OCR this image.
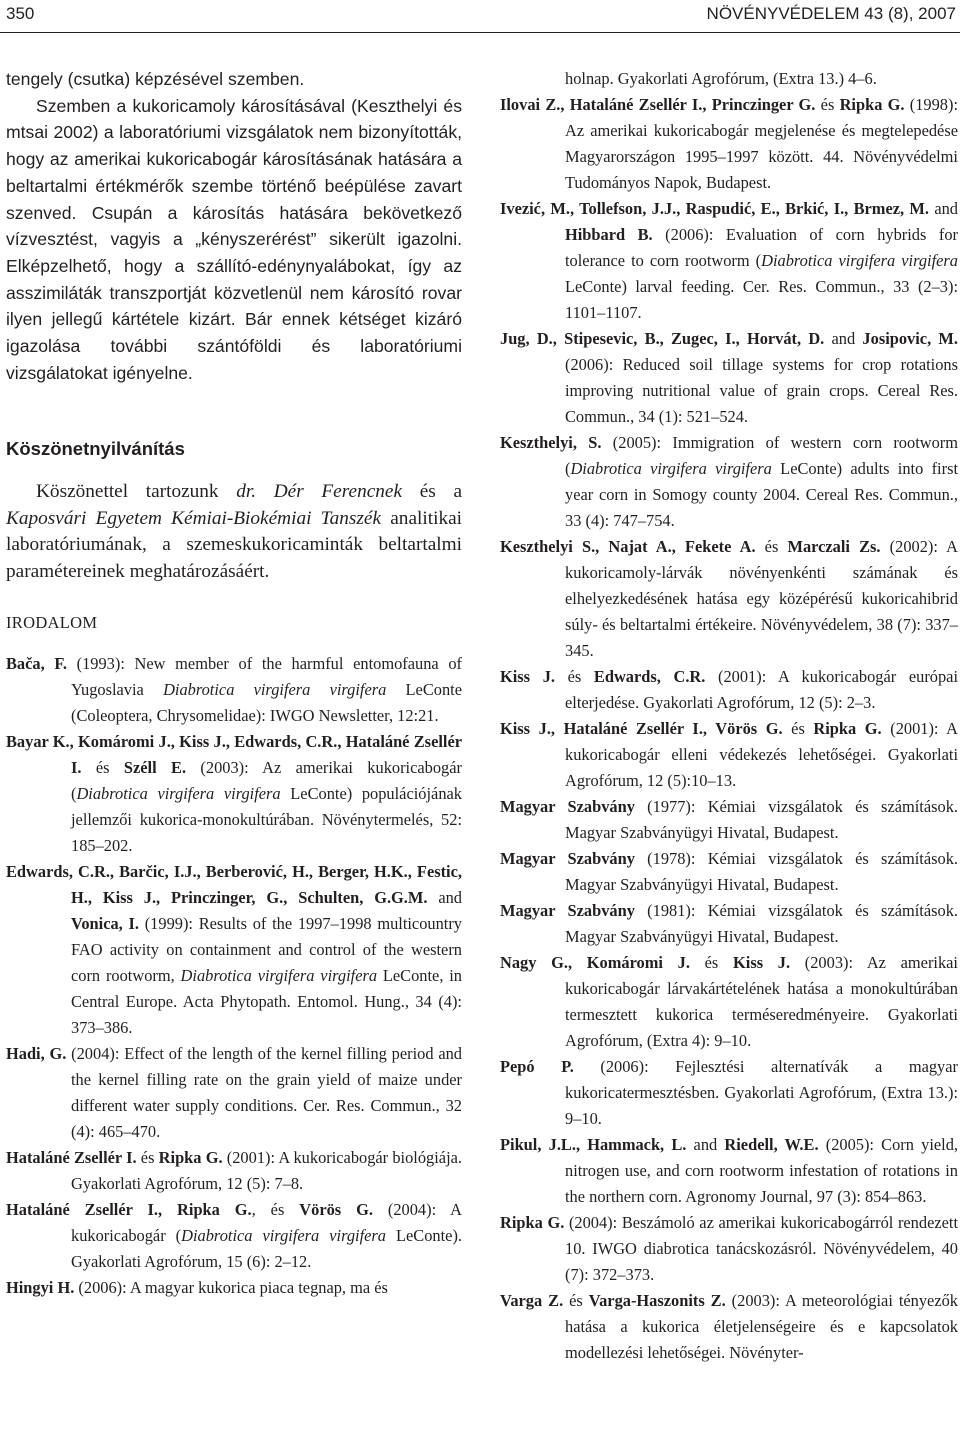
350	NÖVÉNYVÉDELEM 43 (8), 2007

tengely (csutka) képzésével szemben.

Szemben a kukoricamoly károsításával (Keszthelyi és mtsai 2002) a laboratóriumi vizsgálatok nem bizonyították, hogy az amerikai kukoricabogár károsításának hatására a beltartalmi értékmérők szembe történő beépülése zavart szenved. Csupán a károsítás hatására bekövetkező vízvesztést, vagyis a „kényszerérést” sikerült igazolni. Elképzelhető, hogy a szállító-edénynyalábokat, így az asszimiláták transzportját közvetlenül nem károsító rovar ilyen jellegű kártétele kizárt. Bár ennek kétséget kizáró igazolása további szántóföldi és laboratóriumi vizsgálatokat igényelne.

Köszönetnyilvánítás

Köszönettel tartozunk dr. Dér Ferencnek és a Kaposvári Egyetem Kémiai-Biokémiai Tanszék analitikai laboratóriumának, a szemeskukoricaminták beltartalmi paramétereinek meghatározásáért.

IRODALOM

Bača, F. (1993): New member of the harmful entomofauna of Yugoslavia Diabrotica virgifera virgifera LeConte (Coleoptera, Chrysomelidae): IWGO Newsletter, 12:21.

Bayar K., Komáromi J., Kiss J., Edwards, C.R., Hataláné Zsellér I. és Széll E. (2003): Az amerikai kukoricabogár (Diabrotica virgifera virgifera LeConte) populációjának jellemzői kukorica-monokultúrában. Növénytermelés, 52: 185–202.

Edwards, C.R., Barčic, I.J., Berberović, H., Berger, H.K., Festic, H., Kiss J., Princzinger, G., Schulten, G.G.M. and Vonica, I. (1999): Results of the 1997–1998 multicountry FAO activity on containment and control of the western corn rootworm, Diabrotica virgifera virgifera LeConte, in Central Europe. Acta Phytopath. Entomol. Hung., 34 (4): 373–386.

Hadi, G. (2004): Effect of the length of the kernel filling period and the kernel filling rate on the grain yield of maize under different water supply conditions. Cer. Res. Commun., 32 (4): 465–470.

Hataláné Zsellér I. és Ripka G. (2001): A kukoricabogár biológiája. Gyakorlati Agrofórum, 12 (5): 7–8.

Hataláné Zsellér I., Ripka G., és Vörös G. (2004): A kukoricabogár (Diabrotica virgifera virgifera LeConte). Gyakorlati Agrofórum, 15 (6): 2–12.

Hingyi H. (2006): A magyar kukorica piaca tegnap, ma és

holnap. Gyakorlati Agrofórum, (Extra 13.) 4–6.

Ilovai Z., Hataláné Zsellér I., Princzinger G. és Ripka G. (1998): Az amerikai kukoricabogár megjelenése és megtelepedése Magyarországon 1995–1997 között. 44. Növényvédelmi Tudományos Napok, Budapest.

Ivezić, M., Tollefson, J.J., Raspudić, E., Brkić, I., Brmez, M. and Hibbard B. (2006): Evaluation of corn hybrids for tolerance to corn rootworm (Diabrotica virgifera virgifera LeConte) larval feeding. Cer. Res. Commun., 33 (2–3): 1101–1107.

Jug, D., Stipesevic, B., Zugec, I., Horvát, D. and Josipovic, M. (2006): Reduced soil tillage systems for crop rotations improving nutritional value of grain crops. Cereal Res. Commun., 34 (1): 521–524.

Keszthelyi, S. (2005): Immigration of western corn rootworm (Diabrotica virgifera virgifera LeConte) adults into first year corn in Somogy county 2004. Cereal Res. Commun., 33 (4): 747–754.

Keszthelyi S., Najat A., Fekete A. és Marczali Zs. (2002): A kukoricamoly-lárvák növényenkénti számának és elhelyezkedésének hatása egy középérésű kukoricahibrid súly- és beltartalmi értékeire. Növényvédelem, 38 (7): 337–345.

Kiss J. és Edwards, C.R. (2001): A kukoricabogár európai elterjedése. Gyakorlati Agrofórum, 12 (5): 2–3.

Kiss J., Hataláné Zsellér I., Vörös G. és Ripka G. (2001): A kukoricabogár elleni védekezés lehetőségei. Gyakorlati Agrofórum, 12 (5):10–13.

Magyar Szabvány (1977): Kémiai vizsgálatok és számítások. Magyar Szabványügyi Hivatal, Budapest.

Magyar Szabvány (1978): Kémiai vizsgálatok és számítások. Magyar Szabványügyi Hivatal, Budapest.

Magyar Szabvány (1981): Kémiai vizsgálatok és számítások. Magyar Szabványügyi Hivatal, Budapest.

Nagy G., Komáromi J. és Kiss J. (2003): Az amerikai kukoricabogár lárvakártételének hatása a monokultúrában termesztett kukorica terméseredményeire. Gyakorlati Agrofórum, (Extra 4): 9–10.

Pepó P. (2006): Fejlesztési alternatívák a magyar kukoricatermesztésben. Gyakorlati Agrofórum, (Extra 13.): 9–10.

Pikul, J.L., Hammack, L. and Riedell, W.E. (2005): Corn yield, nitrogen use, and corn rootworm infestation of rotations in the northern corn. Agronomy Journal, 97 (3): 854–863.

Ripka G. (2004): Beszámoló az amerikai kukoricabogárról rendezett 10. IWGO diabrotica tanácskozásról. Növényvédelem, 40 (7): 372–373.

Varga Z. és Varga-Haszonits Z. (2003): A meteorológiai tényezők hatása a kukorica életjelenségeire és e kapcsolatok modellezési lehetőségei. Növényter-
